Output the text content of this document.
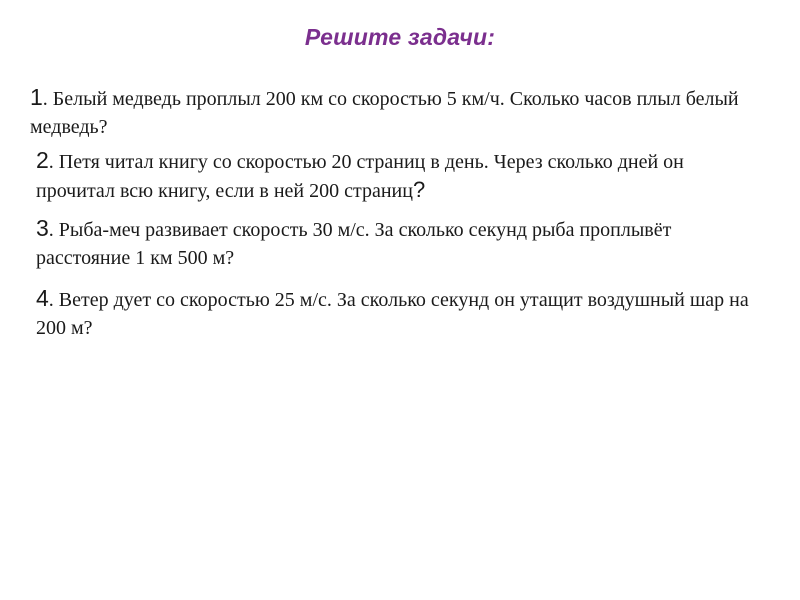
Решите задачи:

1. Белый медведь проплыл 200 км со скоростью 5 км/ч. Сколько часов плыл белый медведь?

2. Петя читал книгу со скоростью 20 страниц в день. Через сколько дней он прочитал всю книгу, если в ней 200 страниц?

3. Рыба-меч развивает скорость 30 м/с. За сколько секунд рыба проплывёт расстояние 1 км 500 м?

4. Ветер дует со скоростью 25 м/с. За сколько секунд он утащит воздушный шар на 200 м?
